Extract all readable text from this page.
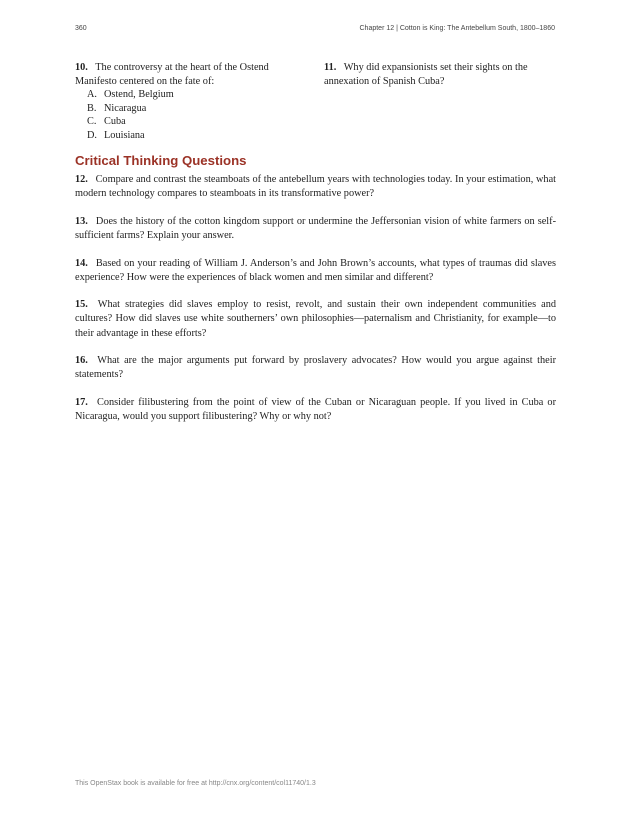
360	Chapter 12 | Cotton is King: The Antebellum South, 1800–1860
10. The controversy at the heart of the Ostend Manifesto centered on the fate of:
A. Ostend, Belgium
B. Nicaragua
C. Cuba
D. Louisiana
11. Why did expansionists set their sights on the annexation of Spanish Cuba?
Critical Thinking Questions
12. Compare and contrast the steamboats of the antebellum years with technologies today. In your estimation, what modern technology compares to steamboats in its transformative power?
13. Does the history of the cotton kingdom support or undermine the Jeffersonian vision of white farmers on self-sufficient farms? Explain your answer.
14. Based on your reading of William J. Anderson’s and John Brown’s accounts, what types of traumas did slaves experience? How were the experiences of black women and men similar and different?
15. What strategies did slaves employ to resist, revolt, and sustain their own independent communities and cultures? How did slaves use white southerners’ own philosophies—paternalism and Christianity, for example—to their advantage in these efforts?
16. What are the major arguments put forward by proslavery advocates? How would you argue against their statements?
17. Consider filibustering from the point of view of the Cuban or Nicaraguan people. If you lived in Cuba or Nicaragua, would you support filibustering? Why or why not?
This OpenStax book is available for free at http://cnx.org/content/col11740/1.3
